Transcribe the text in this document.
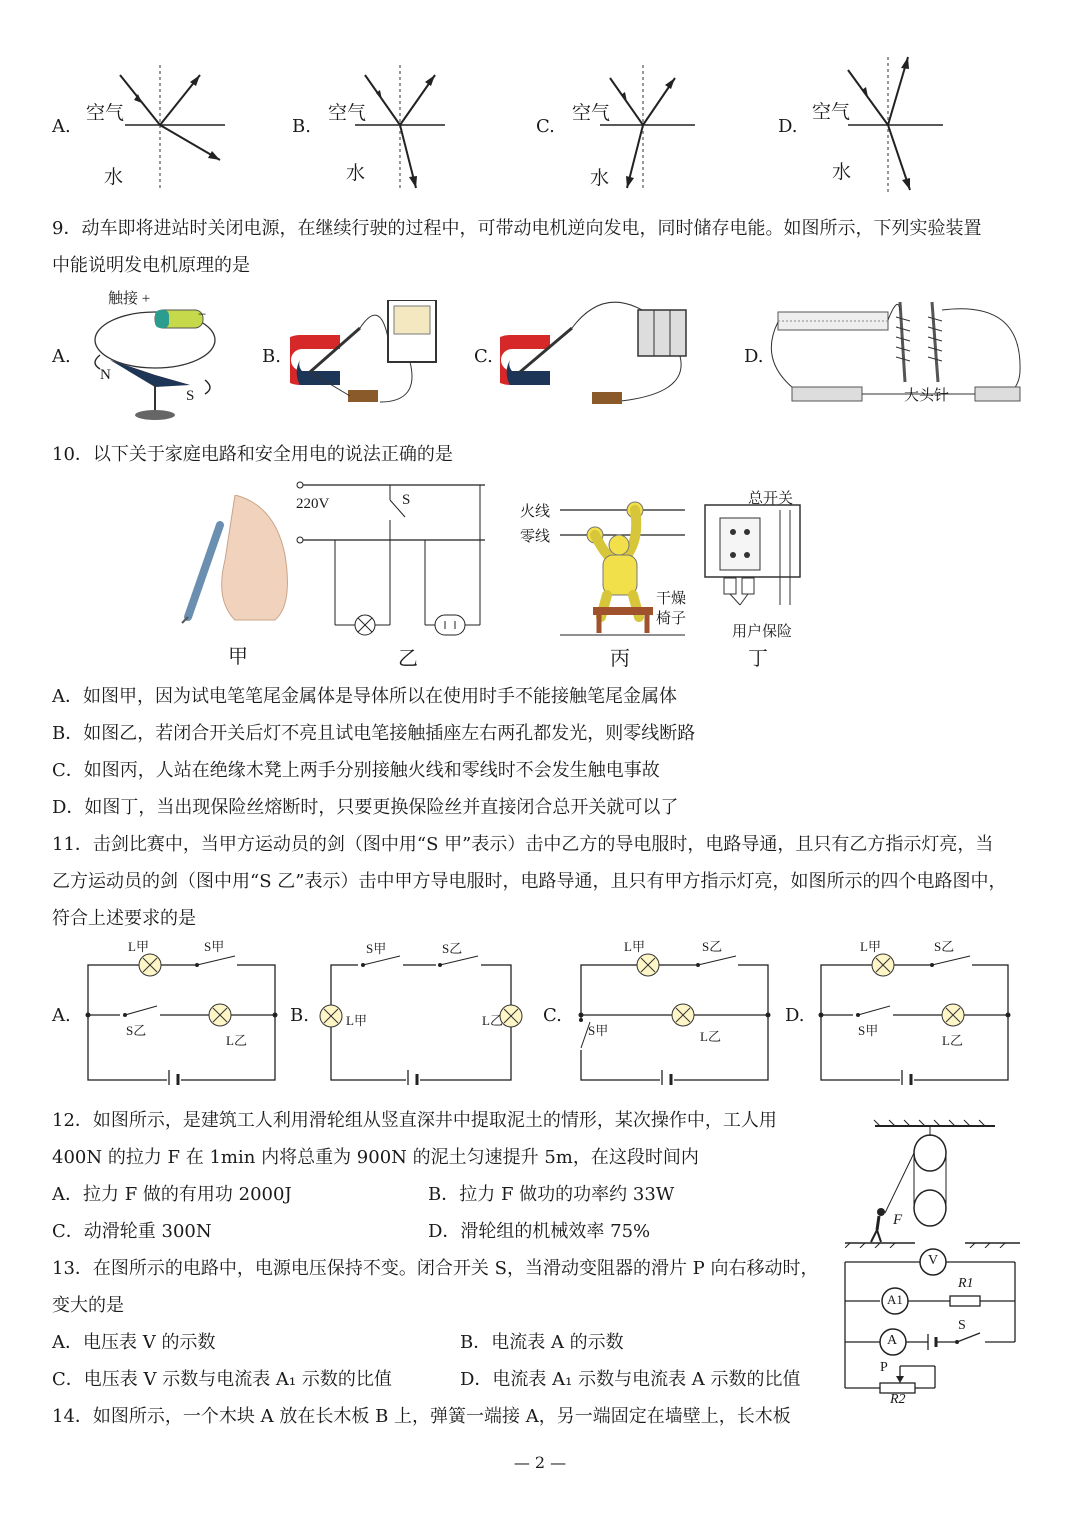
A.
空气
水
B.
空气
水
C.
空气
水
D.
空气
水
9．动车即将进站时关闭电源，在继续行驶的过程中，可带动电机逆向发电，同时储存电能。如图所示，下列实验装置
中能说明发电机原理的是
A.
触接 +
−
N
S
B.	C.	D.
大头针
10．以下关于家庭电路和安全用电的说法正确的是
甲
220V	S
乙
火线
零线
干燥
椅子
丙
总开关
用户保险
丁
A．如图甲，因为试电笔笔尾金属体是导体所以在使用时手不能接触笔尾金属体
B．如图乙，若闭合开关后灯不亮且试电笔接触插座左右两孔都发光，则零线断路
C．如图丙，人站在绝缘木凳上两手分别接触火线和零线时不会发生触电事故
D．如图丁，当出现保险丝熔断时，只要更换保险丝并直接闭合总开关就可以了
11．击剑比赛中，当甲方运动员的剑（图中用“S 甲”表示）击中乙方的导电服时，电路导通，且只有乙方指示灯亮，当
乙方运动员的剑（图中用“S 乙”表示）击中甲方导电服时，电路导通，且只有甲方指示灯亮，如图所示的四个电路图中，
符合上述要求的是
A.
L甲	S甲
S乙
L乙
B.
S甲	S乙
L甲	L乙 C.
L甲	S乙
S甲	L乙
D.
L甲	S乙
S甲
L乙
12．如图所示，是建筑工人利用滑轮组从竖直深井中提取泥土的情形，某次操作中，工人用
400N 的拉力 F 在 1min 内将总重为 900N 的泥土匀速提升 5m，在这段时间内
A．拉力 F 做的有用功 2000J	B．拉力 F 做功的功率约 33W
C．动滑轮重 300N	D．滑轮组的机械效率 75%
F
13．在图所示的电路中，电源电压保持不变。闭合开关 S，当滑动变阻器的滑片 P 向右移动时，
变大的是
A．电压表 V 的示数	B．电流表 A 的示数
C．电压表 V 示数与电流表 A₁ 示数的比值	D．电流表 A₁ 示数与电流表 A 示数的比值
V
A1
R1
A
S
P
R2
14．如图所示，一个木块 A 放在长木板 B 上，弹簧一端接 A，另一端固定在墙壁上，长木板
— 2 —
